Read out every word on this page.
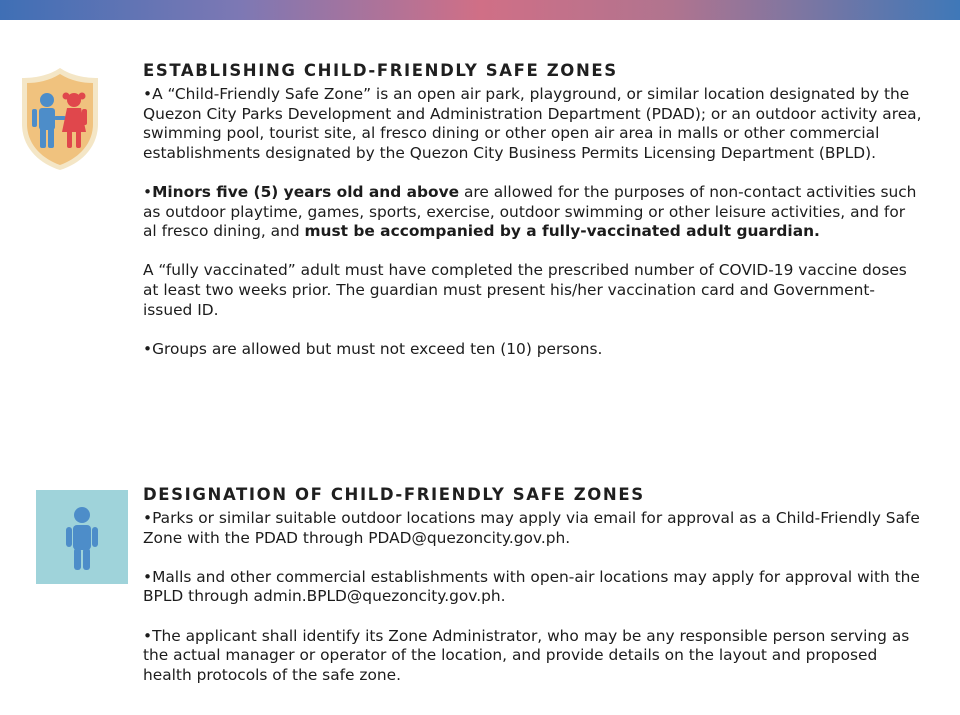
ESTABLISHING CHILD-FRIENDLY SAFE ZONES

•A “Child-Friendly Safe Zone” is an open air park, playground, or similar location designated by the Quezon City Parks Development and Administration Department (PDAD); or an outdoor activity area, swimming pool, tourist site, al fresco dining or other open air area in malls or other commercial establishments designated by the Quezon City Business Permits Licensing Department (BPLD).

•Minors five (5) years old and above are allowed for the purposes of non-contact activities such as outdoor playtime, games, sports, exercise, outdoor swimming or other leisure activities, and for al fresco dining, and must be accompanied by a fully-vaccinated adult guardian.

A “fully vaccinated” adult must have completed the prescribed number of COVID-19 vaccine doses at least two weeks prior. The guardian must present his/her vaccination card and Government-issued ID.

•Groups are allowed but must not exceed ten (10) persons.

DESIGNATION OF CHILD-FRIENDLY SAFE ZONES

•Parks or similar suitable outdoor locations may apply via email for approval as a Child-Friendly Safe Zone with the PDAD through PDAD@quezoncity.gov.ph.

•Malls and other commercial establishments with open-air locations may apply for approval with the BPLD through admin.BPLD@quezoncity.gov.ph.

•The applicant shall identify its Zone Administrator, who may be any responsible person serving as the actual manager or operator of the location, and provide details on the layout and proposed health protocols of the safe zone.
